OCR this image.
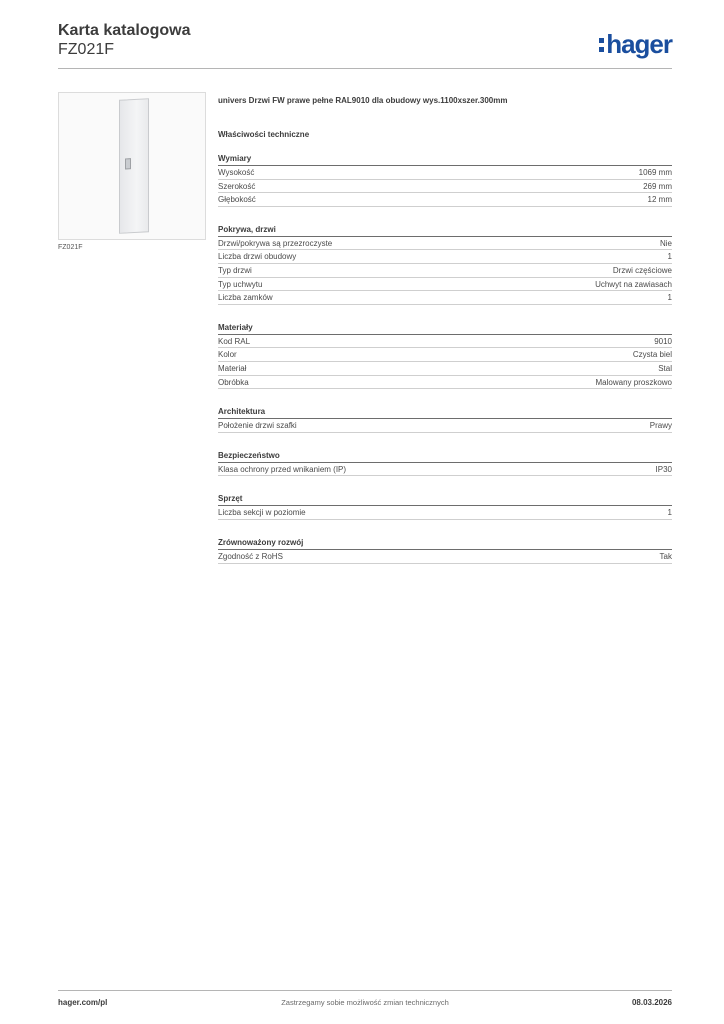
Karta katalogowa
FZ021F	hager
FZ021F
univers Drzwi FW prawe pełne RAL9010 dla obudowy wys.1100xszer.300mm
Właściwości techniczne
Wymiary
Wysokość	1069 mm
Szerokość	269 mm
Głębokość	12 mm
Pokrywa, drzwi
Drzwi/pokrywa są przezroczyste	Nie
Liczba drzwi obudowy	1
Typ drzwi	Drzwi częściowe
Typ uchwytu	Uchwyt na zawiasach
Liczba zamków	1
Materiały
Kod RAL	9010
Kolor	Czysta biel
Materiał	Stal
Obróbka	Malowany proszkowo
Architektura
Położenie drzwi szafki	Prawy
Bezpieczeństwo
Klasa ochrony przed wnikaniem (IP)	IP30
Sprzęt
Liczba sekcji w poziomie	1
Zrównoważony rozwój
Zgodność z RoHS	Tak
hager.com/pl	Zastrzegamy sobie możliwość zmian technicznych	08.03.2026
